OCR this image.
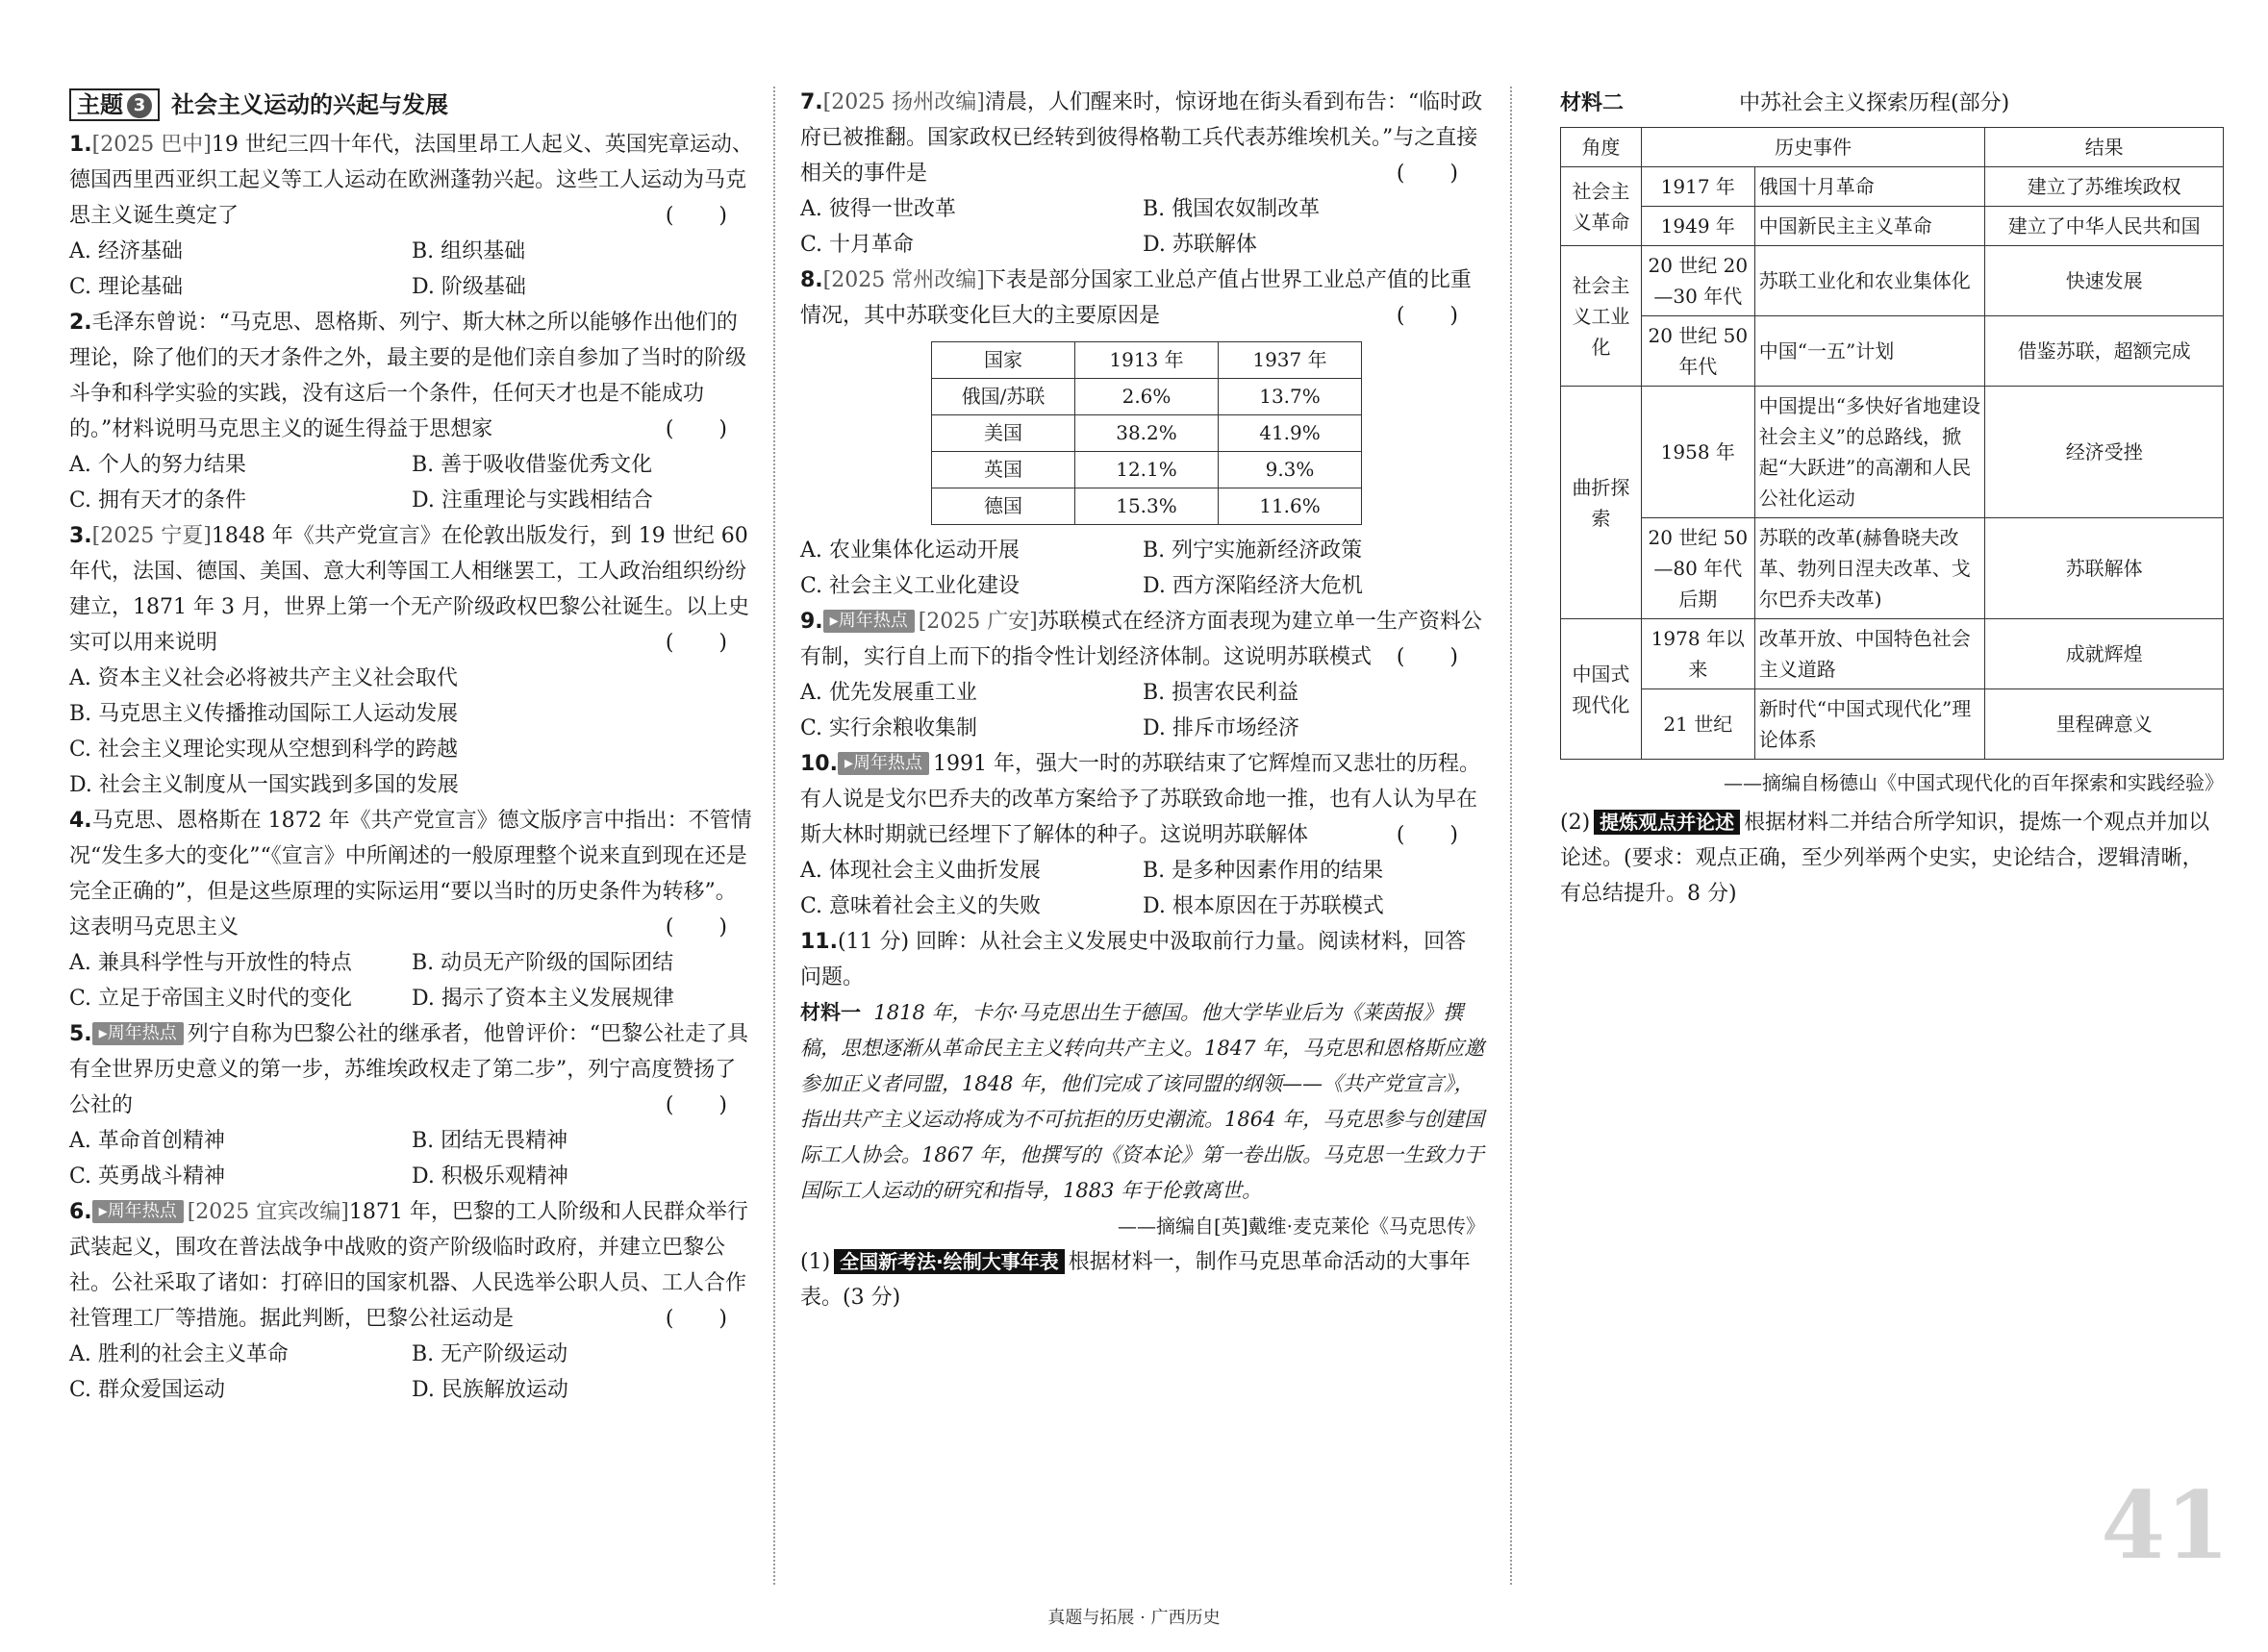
主题 3 社会主义运动的兴起与发展

1.[2025 巴中]19 世纪三四十年代，法国里昂工人起义、英国宪章运动、德国西里西亚织工起义等工人运动在欧洲蓬勃兴起。这些工人运动为马克思主义诞生奠定了	( )

A. 经济基础	B. 组织基础
C. 理论基础	D. 阶级基础

2.毛泽东曾说：“马克思、恩格斯、列宁、斯大林之所以能够作出他们的理论，除了他们的天才条件之外，最主要的是他们亲自参加了当时的阶级斗争和科学实验的实践，没有这后一个条件，任何天才也是不能成功的。”材料说明马克思主义的诞生得益于思想家	( )

A. 个人的努力结果	B. 善于吸收借鉴优秀文化
C. 拥有天才的条件	D. 注重理论与实践相结合

3.[2025 宁夏]1848 年《共产党宣言》在伦敦出版发行，到 19 世纪 60 年代，法国、德国、美国、意大利等国工人相继罢工，工人政治组织纷纷建立，1871 年 3 月，世界上第一个无产阶级政权巴黎公社诞生。以上史实可以用来说明	( )

A. 资本主义社会必将被共产主义社会取代
B. 马克思主义传播推动国际工人运动发展
C. 社会主义理论实现从空想到科学的跨越
D. 社会主义制度从一国实践到多国的发展

4.马克思、恩格斯在 1872 年《共产党宣言》德文版序言中指出：不管情况“发生多大的变化”“《宣言》中所阐述的一般原理整个说来直到现在还是完全正确的”，但是这些原理的实际运用“要以当时的历史条件为转移”。这表明马克思主义	( )

A. 兼具科学性与开放性的特点	B. 动员无产阶级的国际团结
C. 立足于帝国主义时代的变化	D. 揭示了资本主义发展规律

5. ▸周年热点 列宁自称为巴黎公社的继承者，他曾评价：“巴黎公社走了具有全世界历史意义的第一步，苏维埃政权走了第二步”，列宁高度赞扬了公社的	( )

A. 革命首创精神	B. 团结无畏精神
C. 英勇战斗精神	D. 积极乐观精神

6. ▸周年热点 [2025 宜宾改编]1871 年，巴黎的工人阶级和人民群众举行武装起义，围攻在普法战争中战败的资产阶级临时政府，并建立巴黎公社。公社采取了诸如：打碎旧的国家机器、人民选举公职人员、工人合作社管理工厂等措施。据此判断，巴黎公社运动是	( )

A. 胜利的社会主义革命	B. 无产阶级运动
C. 群众爱国运动	D. 民族解放运动

7.[2025 扬州改编]清晨，人们醒来时，惊讶地在街头看到布告：“临时政府已被推翻。国家政权已经转到彼得格勒工兵代表苏维埃机关。”与之直接相关的事件是	( )

A. 彼得一世改革	B. 俄国农奴制改革
C. 十月革命	D. 苏联解体

8.[2025 常州改编]下表是部分国家工业总产值占世界工业总产值的比重情况，其中苏联变化巨大的主要原因是	( )

国家	1913 年	1937 年
俄国/苏联	2.6%	13.7%
美国	38.2%	41.9%
英国	12.1%	9.3%
德国	15.3%	11.6%
A. 农业集体化运动开展	B. 列宁实施新经济政策
C. 社会主义工业化建设	D. 西方深陷经济大危机

9. ▸周年热点 [2025 广安]苏联模式在经济方面表现为建立单一生产资料公有制，实行自上而下的指令性计划经济体制。这说明苏联模式 ( )

A. 优先发展重工业	B. 损害农民利益
C. 实行余粮收集制	D. 排斥市场经济

10. ▸周年热点 1991 年，强大一时的苏联结束了它辉煌而又悲壮的历程。有人说是戈尔巴乔夫的改革方案给予了苏联致命地一推，也有人认为早在斯大林时期就已经埋下了解体的种子。这说明苏联解体	( )

A. 体现社会主义曲折发展	B. 是多种因素作用的结果
C. 意味着社会主义的失败	D. 根本原因在于苏联模式

11.(11 分) 回眸：从社会主义发展史中汲取前行力量。阅读材料，回答问题。

材料一 1818 年，卡尔·马克思出生于德国。他大学毕业后为《莱茵报》撰稿，思想逐渐从革命民主主义转向共产主义。1847 年，马克思和恩格斯应邀参加正义者同盟，1848 年，他们完成了该同盟的纲领——《共产党宣言》，指出共产主义运动将成为不可抗拒的历史潮流。1864 年，马克思参与创建国际工人协会。1867 年，他撰写的《资本论》第一卷出版。马克思一生致力于国际工人运动的研究和指导，1883 年于伦敦离世。

——摘编自[英]戴维·麦克莱伦《马克思传》

(1) 全国新考法·绘制大事年表 根据材料一，制作马克思革命活动的大事年表。(3 分)

材料二	中苏社会主义探索历程(部分)
角度	历史事件		结果
社会主义革命	1917 年	俄国十月革命	建立了苏维埃政权
	1949 年	中国新民主主义革命	建立了中华人民共和国
社会主义工业化	20 世纪 20—30 年代	苏联工业化和农业集体化	快速发展
	20 世纪 50 年代	中国“一五”计划	借鉴苏联，超额完成
曲折探索	1958 年	中国提出“多快好省地建设社会主义”的总路线，掀起“大跃进”的高潮和人民公社化运动	经济受挫
	20 世纪 50—80 年代后期	苏联的改革(赫鲁晓夫改革、勃列日涅夫改革、戈尔巴乔夫改革)	苏联解体
中国式现代化	1978 年以来	改革开放、中国特色社会主义道路	成就辉煌
	21 世纪	新时代“中国式现代化”理论体系	里程碑意义

——摘编自杨德山《中国式现代化的百年探索和实践经验》

(2) 提炼观点并论述 根据材料二并结合所学知识，提炼一个观点并加以论述。(要求：观点正确，至少列举两个史实，史论结合，逻辑清晰，有总结提升。8 分)

41
真题与拓展 · 广西历史
